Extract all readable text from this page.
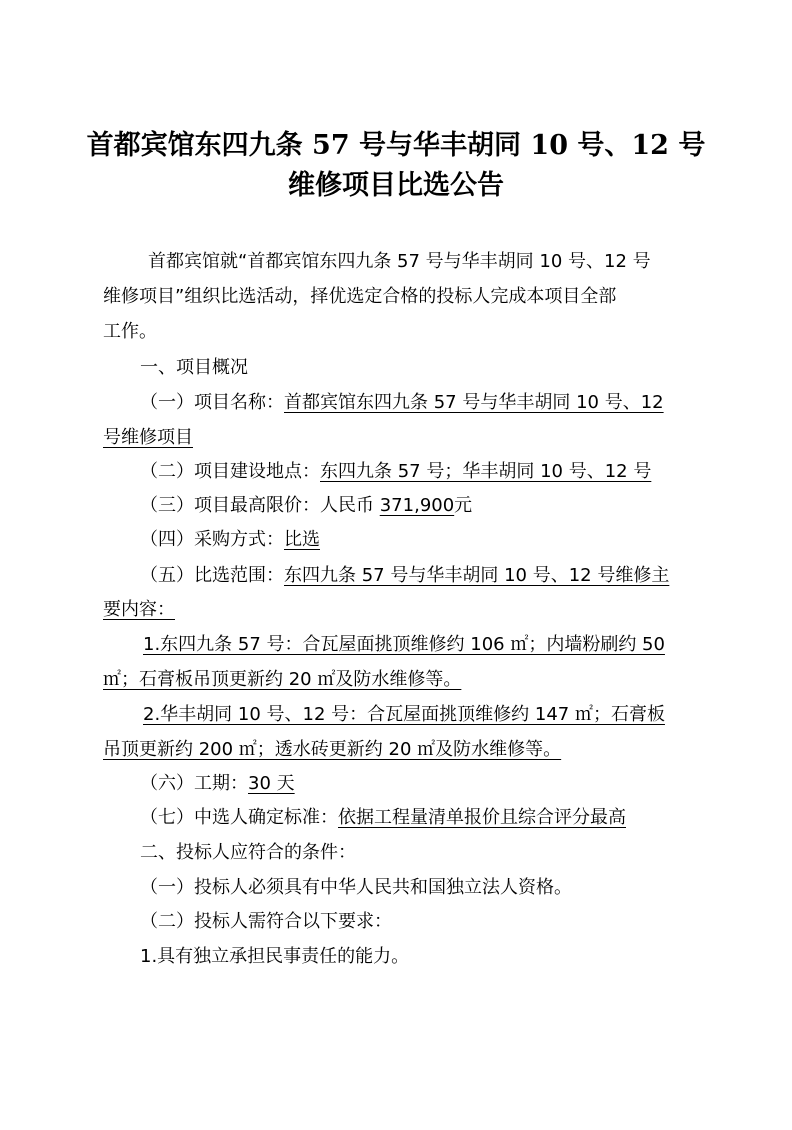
首都宾馆东四九条 57 号与华丰胡同 10 号、12 号
维修项目比选公告
首都宾馆就“首都宾馆东四九条 57 号与华丰胡同 10 号、12 号
维修项目”组织比选活动，择优选定合格的投标人完成本项目全部
工作。
一、项目概况
（一）项目名称：首都宾馆东四九条 57 号与华丰胡同 10 号、12
号维修项目
（二）项目建设地点：东四九条 57 号；华丰胡同 10 号、12 号
（三）项目最高限价：人民币 371,900元
（四）采购方式：比选
（五）比选范围：东四九条 57 号与华丰胡同 10 号、12 号维修主
要内容：
1.东四九条 57 号：合瓦屋面挑顶维修约 106 ㎡；内墙粉刷约 50
㎡；石膏板吊顶更新约 20 ㎡及防水维修等。
2.华丰胡同 10 号、12 号：合瓦屋面挑顶维修约 147 ㎡；石膏板
吊顶更新约 200 ㎡；透水砖更新约 20 ㎡及防水维修等。
（六）工期：30 天
（七）中选人确定标准：依据工程量清单报价且综合评分最高
二、投标人应符合的条件：
（一）投标人必须具有中华人民共和国独立法人资格。
（二）投标人需符合以下要求：
1.具有独立承担民事责任的能力。
